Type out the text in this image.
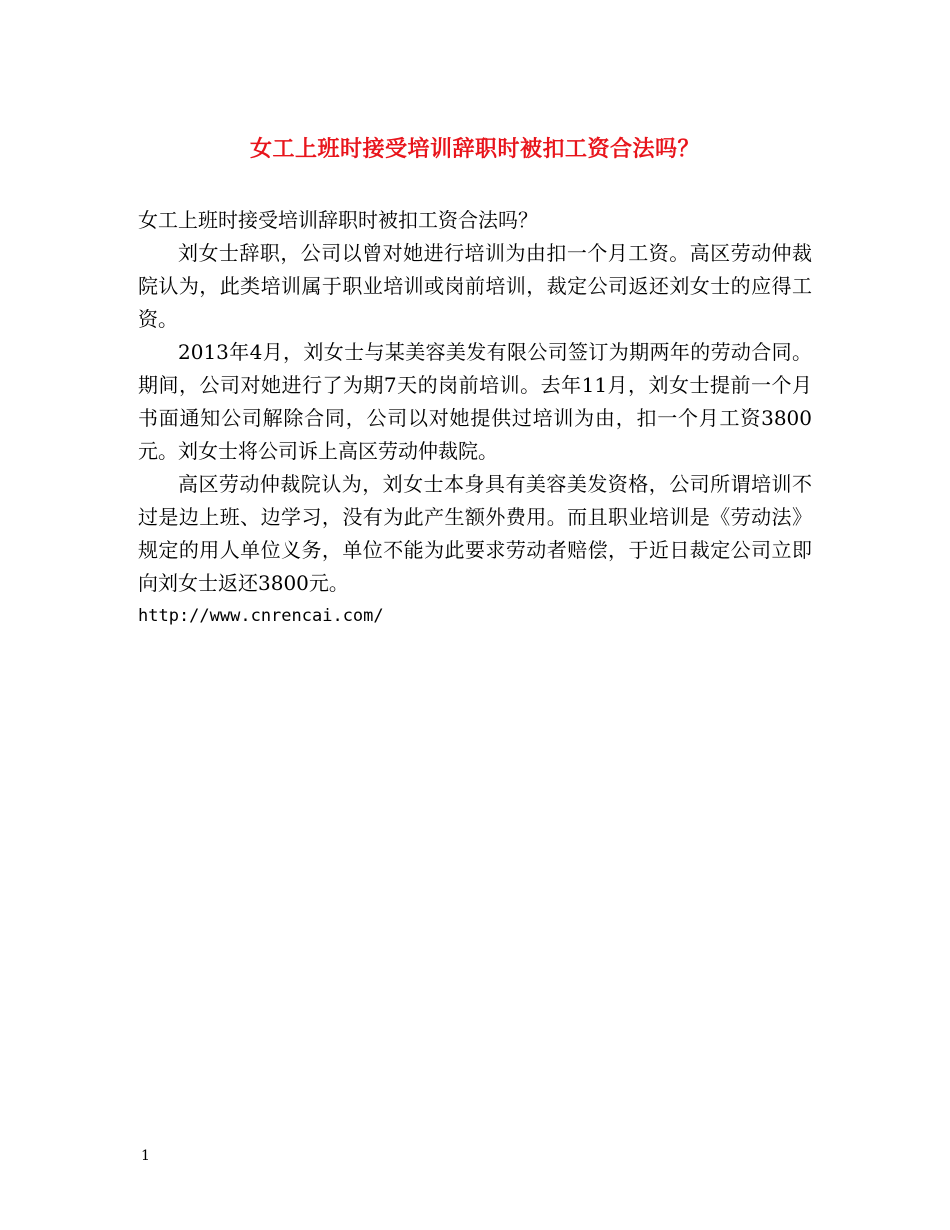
女工上班时接受培训辞职时被扣工资合法吗？

女工上班时接受培训辞职时被扣工资合法吗？

刘女士辞职，公司以曾对她进行培训为由扣一个月工资。高区劳动仲裁院认为，此类培训属于职业培训或岗前培训，裁定公司返还刘女士的应得工资。

2013年4月，刘女士与某美容美发有限公司签订为期两年的劳动合同。期间，公司对她进行了为期7天的岗前培训。去年11月，刘女士提前一个月书面通知公司解除合同，公司以对她提供过培训为由，扣一个月工资3800元。刘女士将公司诉上高区劳动仲裁院。

高区劳动仲裁院认为，刘女士本身具有美容美发资格，公司所谓培训不过是边上班、边学习，没有为此产生额外费用。而且职业培训是《劳动法》规定的用人单位义务，单位不能为此要求劳动者赔偿，于近日裁定公司立即向刘女士返还3800元。

http://www.cnrencai.com/

1
